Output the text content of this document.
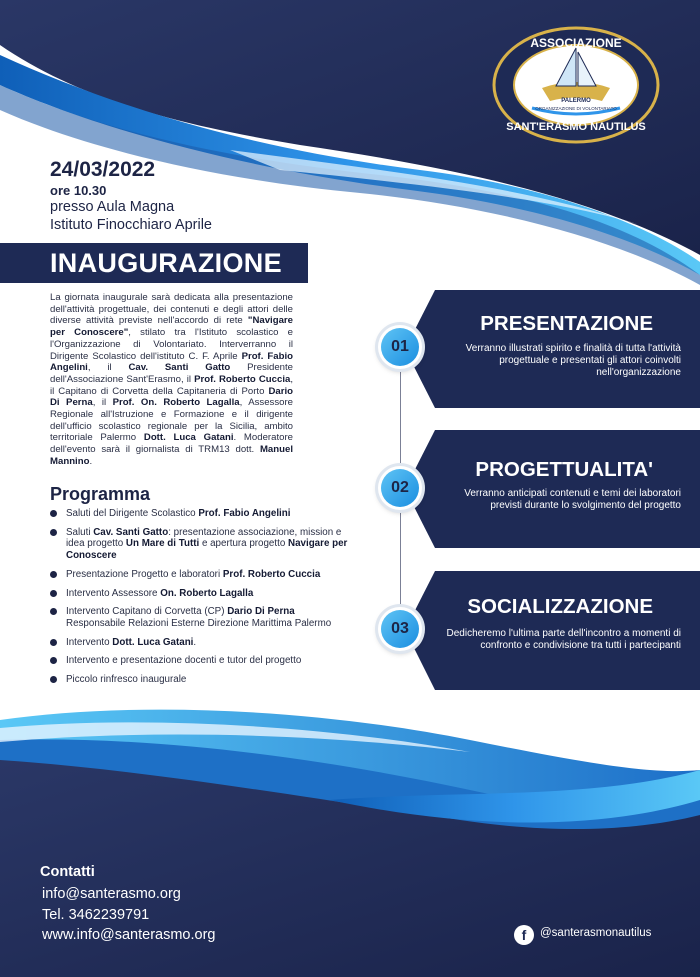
ASSOCIAZIONE
PALERMO
ORGANIZZAZIONE DI VOLONTARIATO
SANT'ERASMO NAUTILUS
24/03/2022
ore 10.30
presso Aula Magna
Istituto Finocchiaro Aprile
INAUGURAZIONE
La giornata inaugurale sarà dedicata alla presentazione dell'attività progettuale, dei contenuti e degli attori delle diverse attività previste nell'accordo di rete "Navigare per Conoscere", stilato tra l'Istituto scolastico e l'Organizzazione di Volontariato. Interverranno il Dirigente Scolastico dell'istituto C. F. Aprile Prof. Fabio Angelini, il Cav. Santi Gatto Presidente dell'Associazione Sant'Erasmo, il Prof. Roberto Cuccia, il Capitano di Corvetta della Capitaneria di Porto Dario Di Perna, il Prof. On. Roberto Lagalla, Assessore Regionale all'Istruzione e Formazione e il dirigente dell'ufficio scolastico regionale per la Sicilia, ambito territoriale Palermo Dott. Luca Gatani. Moderatore dell'evento sarà il giornalista di TRM13 dott. Manuel Mannino.
Programma
Saluti del Dirigente Scolastico Prof. Fabio Angelini
Saluti Cav. Santi Gatto: presentazione associazione, mission e idea progetto Un Mare di Tutti e apertura progetto Navigare per Conoscere
Presentazione Progetto e laboratori Prof. Roberto Cuccia
Intervento Assessore On. Roberto Lagalla
Intervento Capitano di Corvetta (CP) Dario Di Perna Responsabile Relazioni Esterne Direzione Marittima Palermo
Intervento Dott. Luca Gatani.
Intervento e presentazione docenti e tutor del progetto
Piccolo rinfresco inaugurale
01
PRESENTAZIONE
Verranno illustrati spirito e finalità di tutta l'attività progettuale e presentati gli attori coinvolti nell'organizzazione
02
PROGETTUALITA'
Verranno anticipati contenuti e temi dei laboratori previsti durante lo svolgimento del progetto
03
SOCIALIZZAZIONE
Dedicheremo l'ultima parte dell'incontro a momenti di confronto e condivisione tra tutti i partecipanti
Contatti
info@santerasmo.org
Tel. 3462239791
www.info@santerasmo.org	f	@santerasmonautilus
